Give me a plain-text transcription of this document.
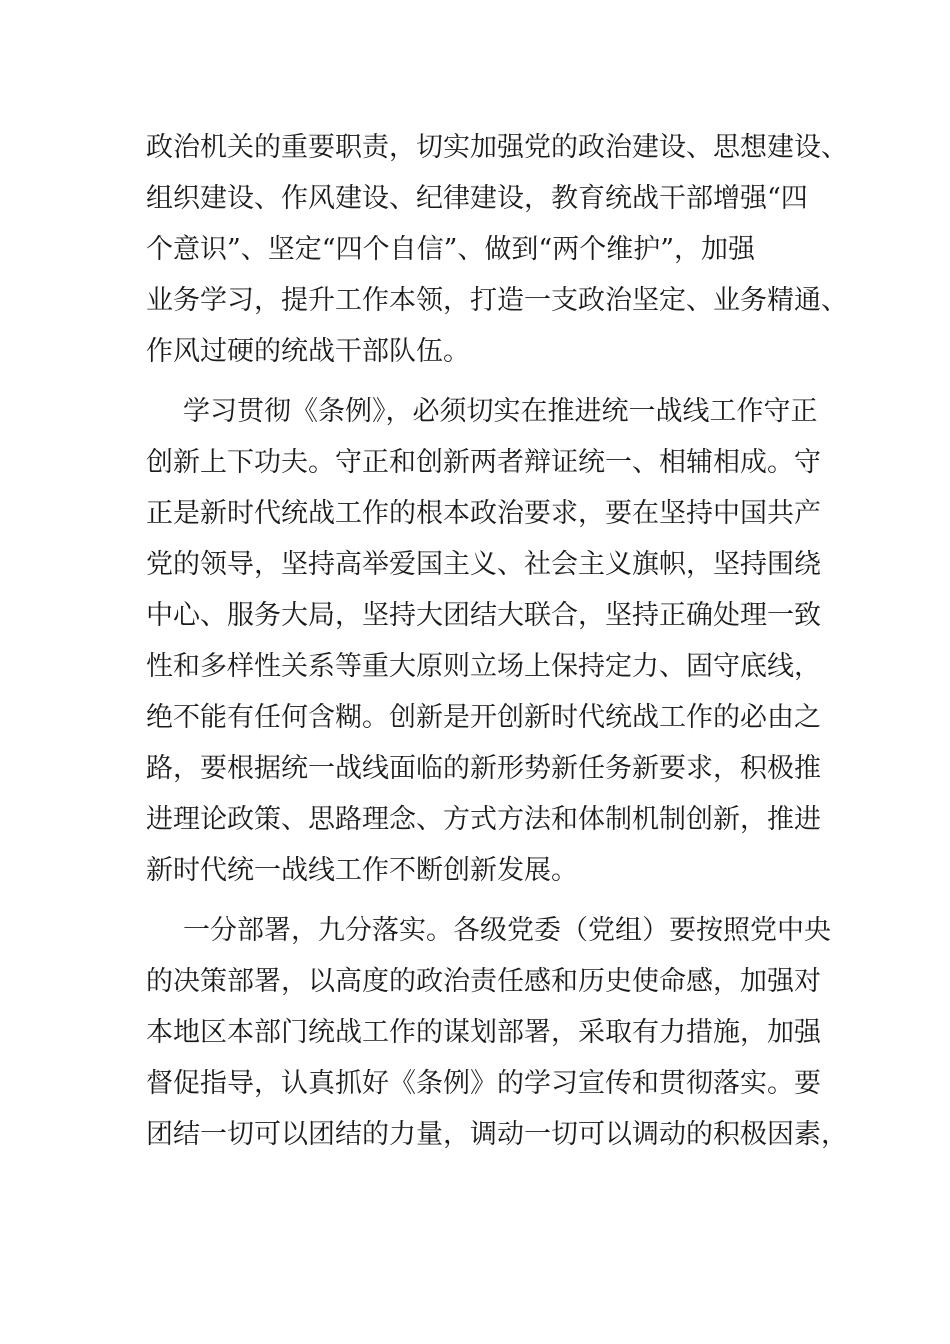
政治机关的重要职责，切实加强党的政治建设、思想建设、
组织建设、作风建设、纪律建设，教育统战干部增强“四
个意识”、坚定“四个自信”、做到“两个维护”，加强
业务学习，提升工作本领，打造一支政治坚定、业务精通、
作风过硬的统战干部队伍。
学习贯彻《条例》，必须切实在推进统一战线工作守正
创新上下功夫。守正和创新两者辩证统一、相辅相成。守
正是新时代统战工作的根本政治要求，要在坚持中国共产
党的领导，坚持高举爱国主义、社会主义旗帜，坚持围绕
中心、服务大局，坚持大团结大联合，坚持正确处理一致
性和多样性关系等重大原则立场上保持定力、固守底线，
绝不能有任何含糊。创新是开创新时代统战工作的必由之
路，要根据统一战线面临的新形势新任务新要求，积极推
进理论政策、思路理念、方式方法和体制机制创新，推进
新时代统一战线工作不断创新发展。
一分部署，九分落实。各级党委（党组）要按照党中央
的决策部署，以高度的政治责任感和历史使命感，加强对
本地区本部门统战工作的谋划部署，采取有力措施，加强
督促指导，认真抓好《条例》的学习宣传和贯彻落实。要
团结一切可以团结的力量，调动一切可以调动的积极因素，
